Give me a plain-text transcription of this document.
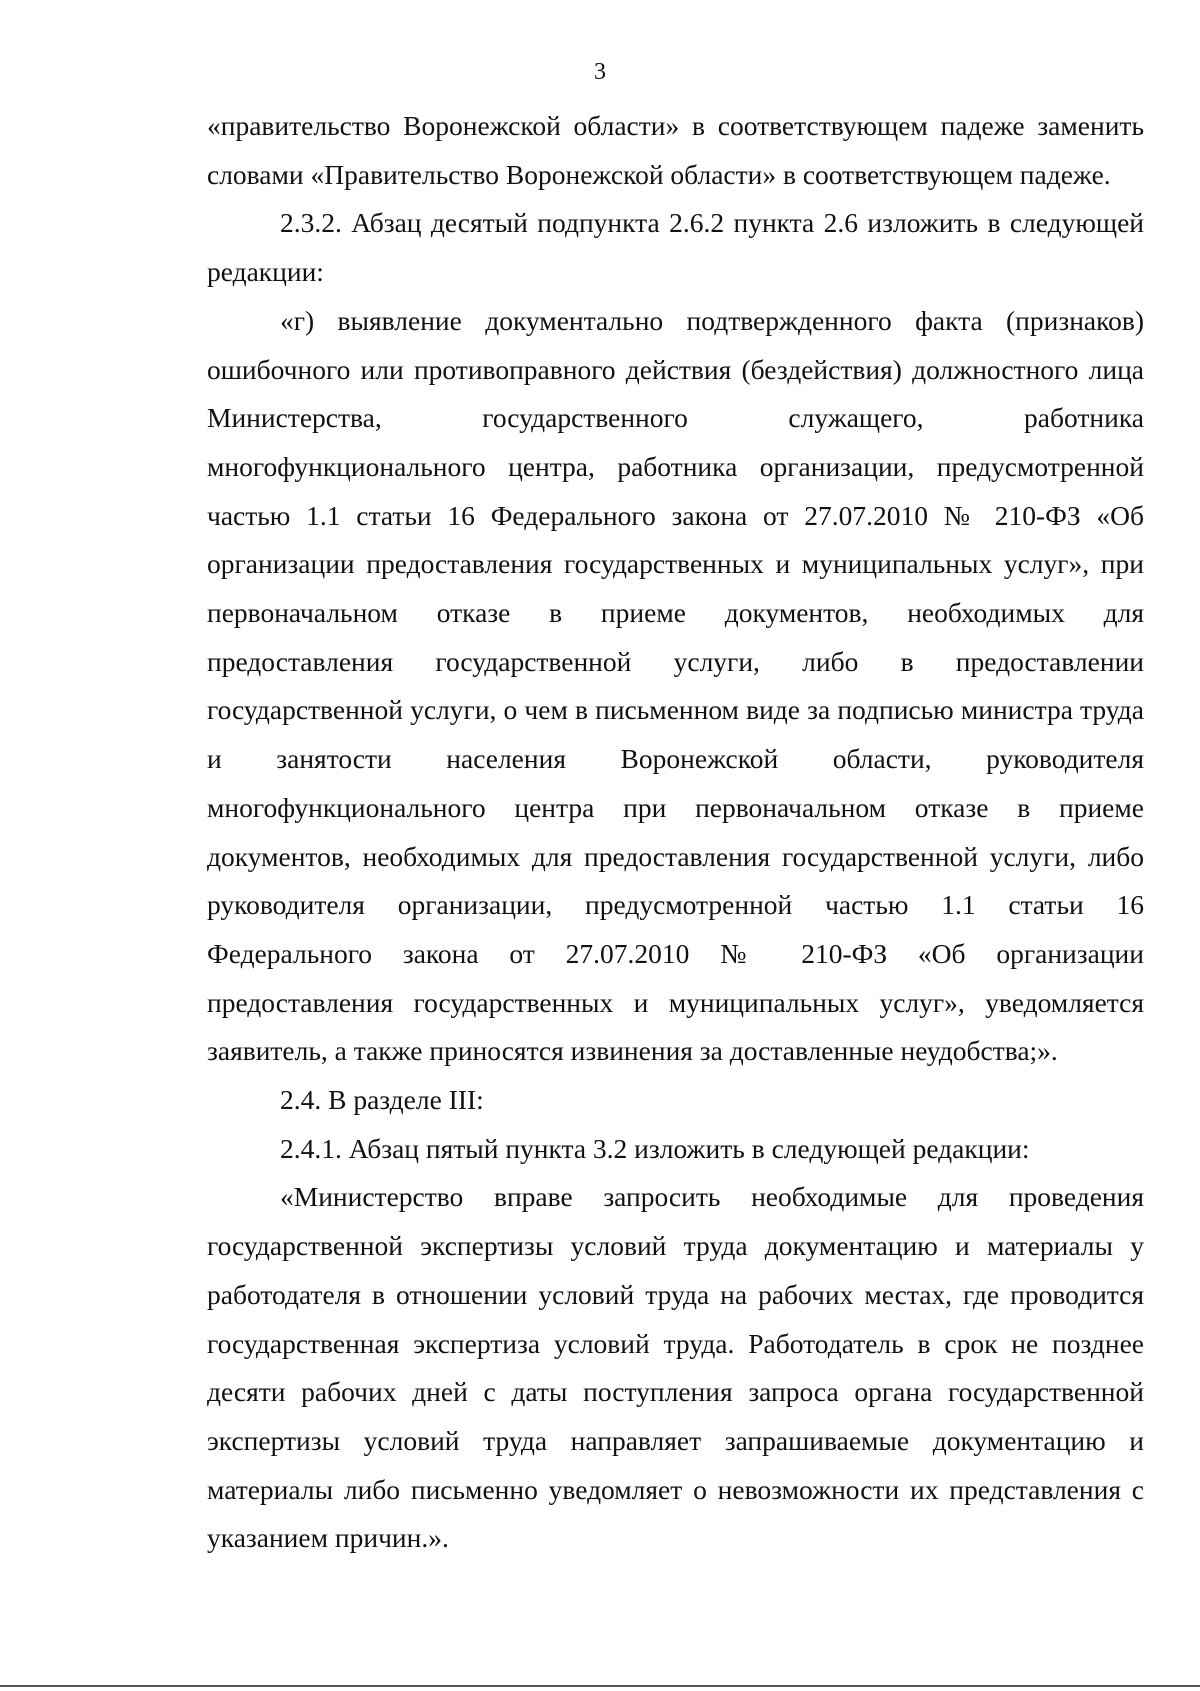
3

«правительство Воронежской области» в соответствующем падеже заменить словами «Правительство Воронежской области» в соответствующем падеже.

2.3.2. Абзац десятый подпункта 2.6.2 пункта 2.6 изложить в следующей редакции:

«г) выявление документально подтвержденного факта (признаков) ошибочного или противоправного действия (бездействия) должностного лица Министерства, государственного служащего, работника многофункционального центра, работника организации, предусмотренной частью 1.1 статьи 16 Федерального закона от 27.07.2010 № 210-ФЗ «Об организации предоставления государственных и муниципальных услуг», при первоначальном отказе в приеме документов, необходимых для предоставления государственной услуги, либо в предоставлении государственной услуги, о чем в письменном виде за подписью министра труда и занятости населения Воронежской области, руководителя многофункционального центра при первоначальном отказе в приеме документов, необходимых для предоставления государственной услуги, либо руководителя организации, предусмотренной частью 1.1 статьи 16 Федерального закона от 27.07.2010 № 210-ФЗ «Об организации предоставления государственных и муниципальных услуг», уведомляется заявитель, а также приносятся извинения за доставленные неудобства;».

2.4. В разделе III:

2.4.1. Абзац пятый пункта 3.2 изложить в следующей редакции:

«Министерство вправе запросить необходимые для проведения государственной экспертизы условий труда документацию и материалы у работодателя в отношении условий труда на рабочих местах, где проводится государственная экспертиза условий труда. Работодатель в срок не позднее десяти рабочих дней с даты поступления запроса органа государственной экспертизы условий труда направляет запрашиваемые документацию и материалы либо письменно уведомляет о невозможности их представления с указанием причин.».
